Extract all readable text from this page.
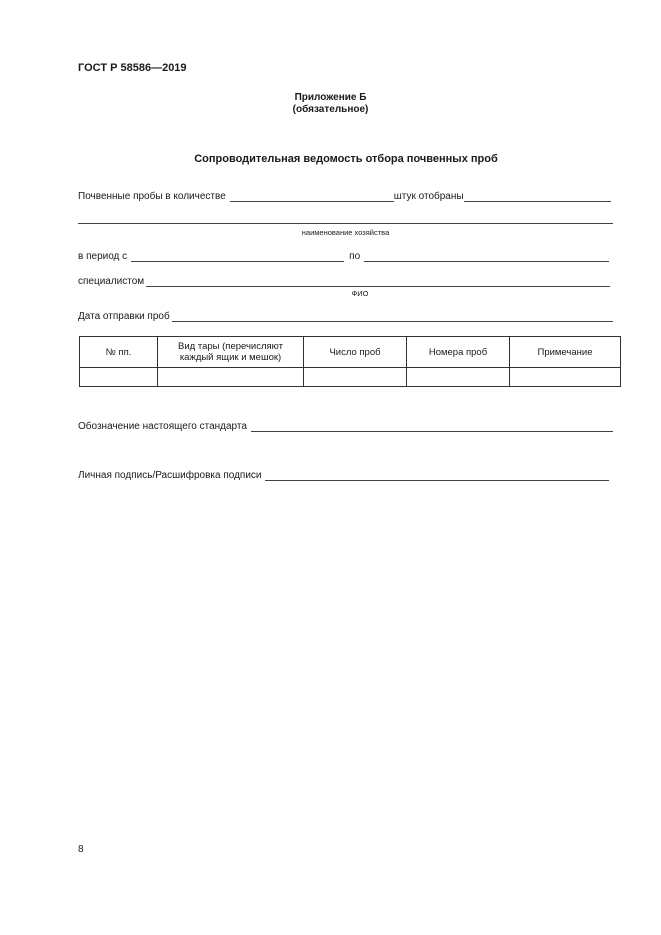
ГОСТ Р 58586—2019
Приложение Б
(обязательное)
Сопроводительная ведомость отбора почвенных проб
Почвенные пробы в количестве	штук отобраны
наименование хозяйства
в период с	по
специалистом
ФИО
Дата отправки проб
№ пп.	Вид тары (перечисляют каждый ящик и мешок)	Число проб	Номера проб	Примечание

Обозначение настоящего стандарта
Личная подпись/Расшифровка подписи
8
